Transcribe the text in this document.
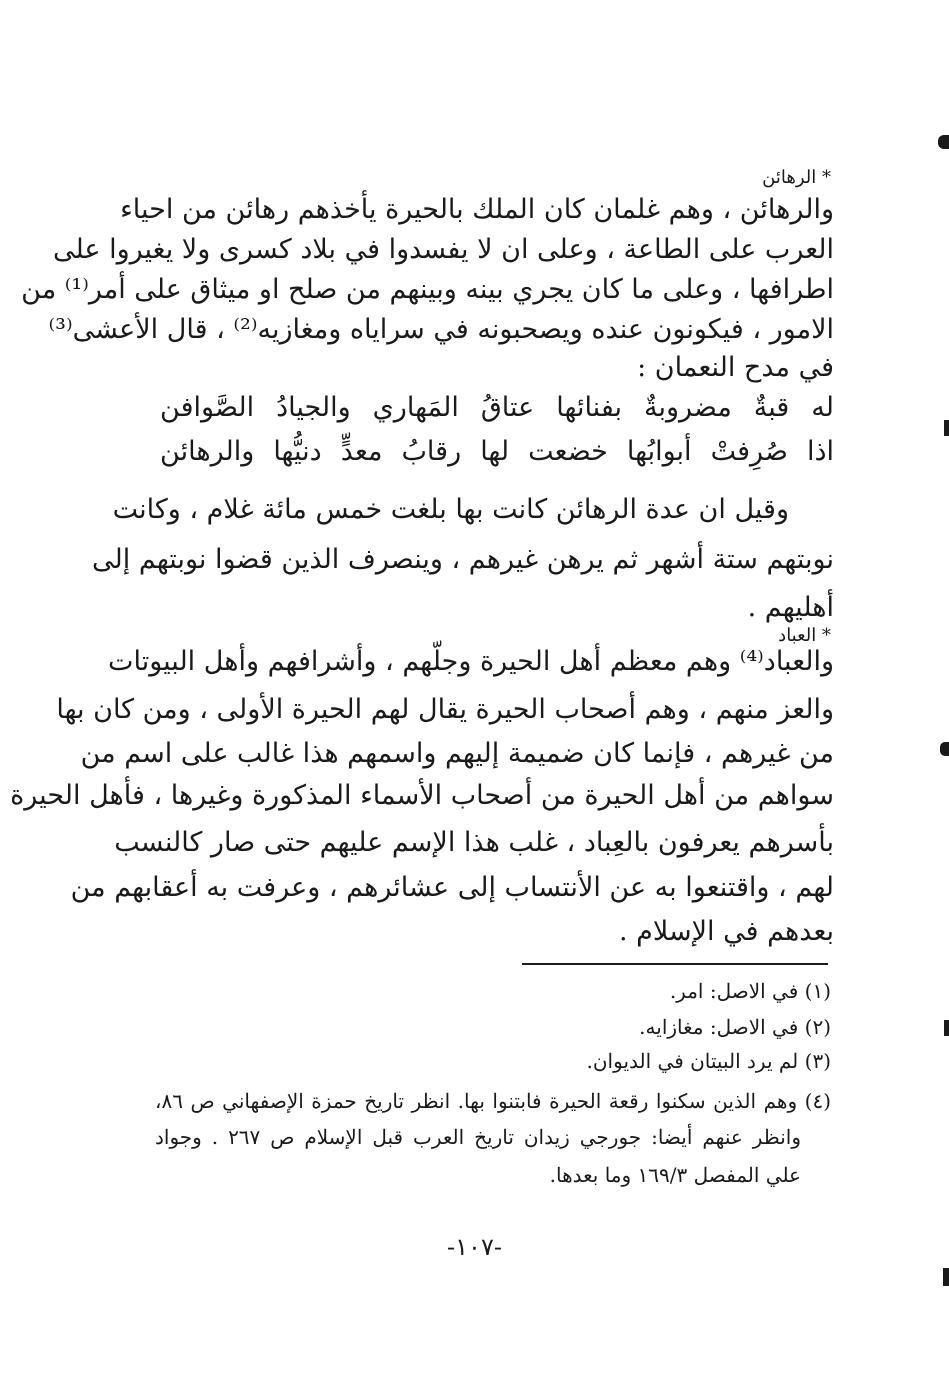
* الرهائن
والرهائن ، وهم غلمان كان الملك بالحيرة يأخذهم رهائن من احياء
العرب على الطاعة ، وعلى ان لا يفسدوا في بلاد كسرى ولا يغيروا على
اطرافها ، وعلى ما كان يجري بينه وبينهم من صلح او ميثاق على أمر⁽¹⁾ من
الامور ، فيكونون عنده ويصحبونه في سراياه ومغازيه⁽²⁾ ، قال الأعشى⁽³⁾
في مدح النعمان :
له
قبةٌ
مضروبةٌ
بفنائها
عتاقُ
المَهاري
والجيادُ
الصَّوافن
اذا
صُرِفتْ
أبوابُها
خضعت
لها
رقابُ
معدٍّ
دنيُّها
والرهائن
وقيل ان عدة الرهائن كانت بها بلغت خمس مائة غلام ، وكانت
نوبتهم ستة أشهر ثم يرهن غيرهم ، وينصرف الذين قضوا نوبتهم إلى
أهليهم .
* العباد
والعباد⁽⁴⁾ وهم معظم أهل الحيرة وجلّهم ، وأشرافهم وأهل البيوتات
والعز منهم ، وهم أصحاب الحيرة يقال لهم الحيرة الأولى ، ومن كان بها
من غيرهم ، فإنما كان ضميمة إليهم واسمهم هذا غالب على اسم من
سواهم من أهل الحيرة من أصحاب الأسماء المذكورة وغيرها ، فأهل الحيرة
بأسرهم يعرفون بالعِباد ، غلب هذا الإسم عليهم حتى صار كالنسب
لهم ، واقتنعوا به عن الأنتساب إلى عشائرهم ، وعرفت به أعقابهم من
بعدهم في الإسلام .
(١) في الاصل: امر.
(٢) في الاصل: مغازايه.
(٣) لم يرد البيتان في الديوان.
(٤) وهم الذين سكنوا رقعة الحيرة فابتنوا بها. انظر تاريخ حمزة الإصفهاني ص ٨٦،
وانظر عنهم أيضا: جورجي زيدان تاريخ العرب قبل الإسلام ص ٢٦٧ . وجواد
علي المفصل ١٦٩/٣ وما بعدها.
-١٠٧-
